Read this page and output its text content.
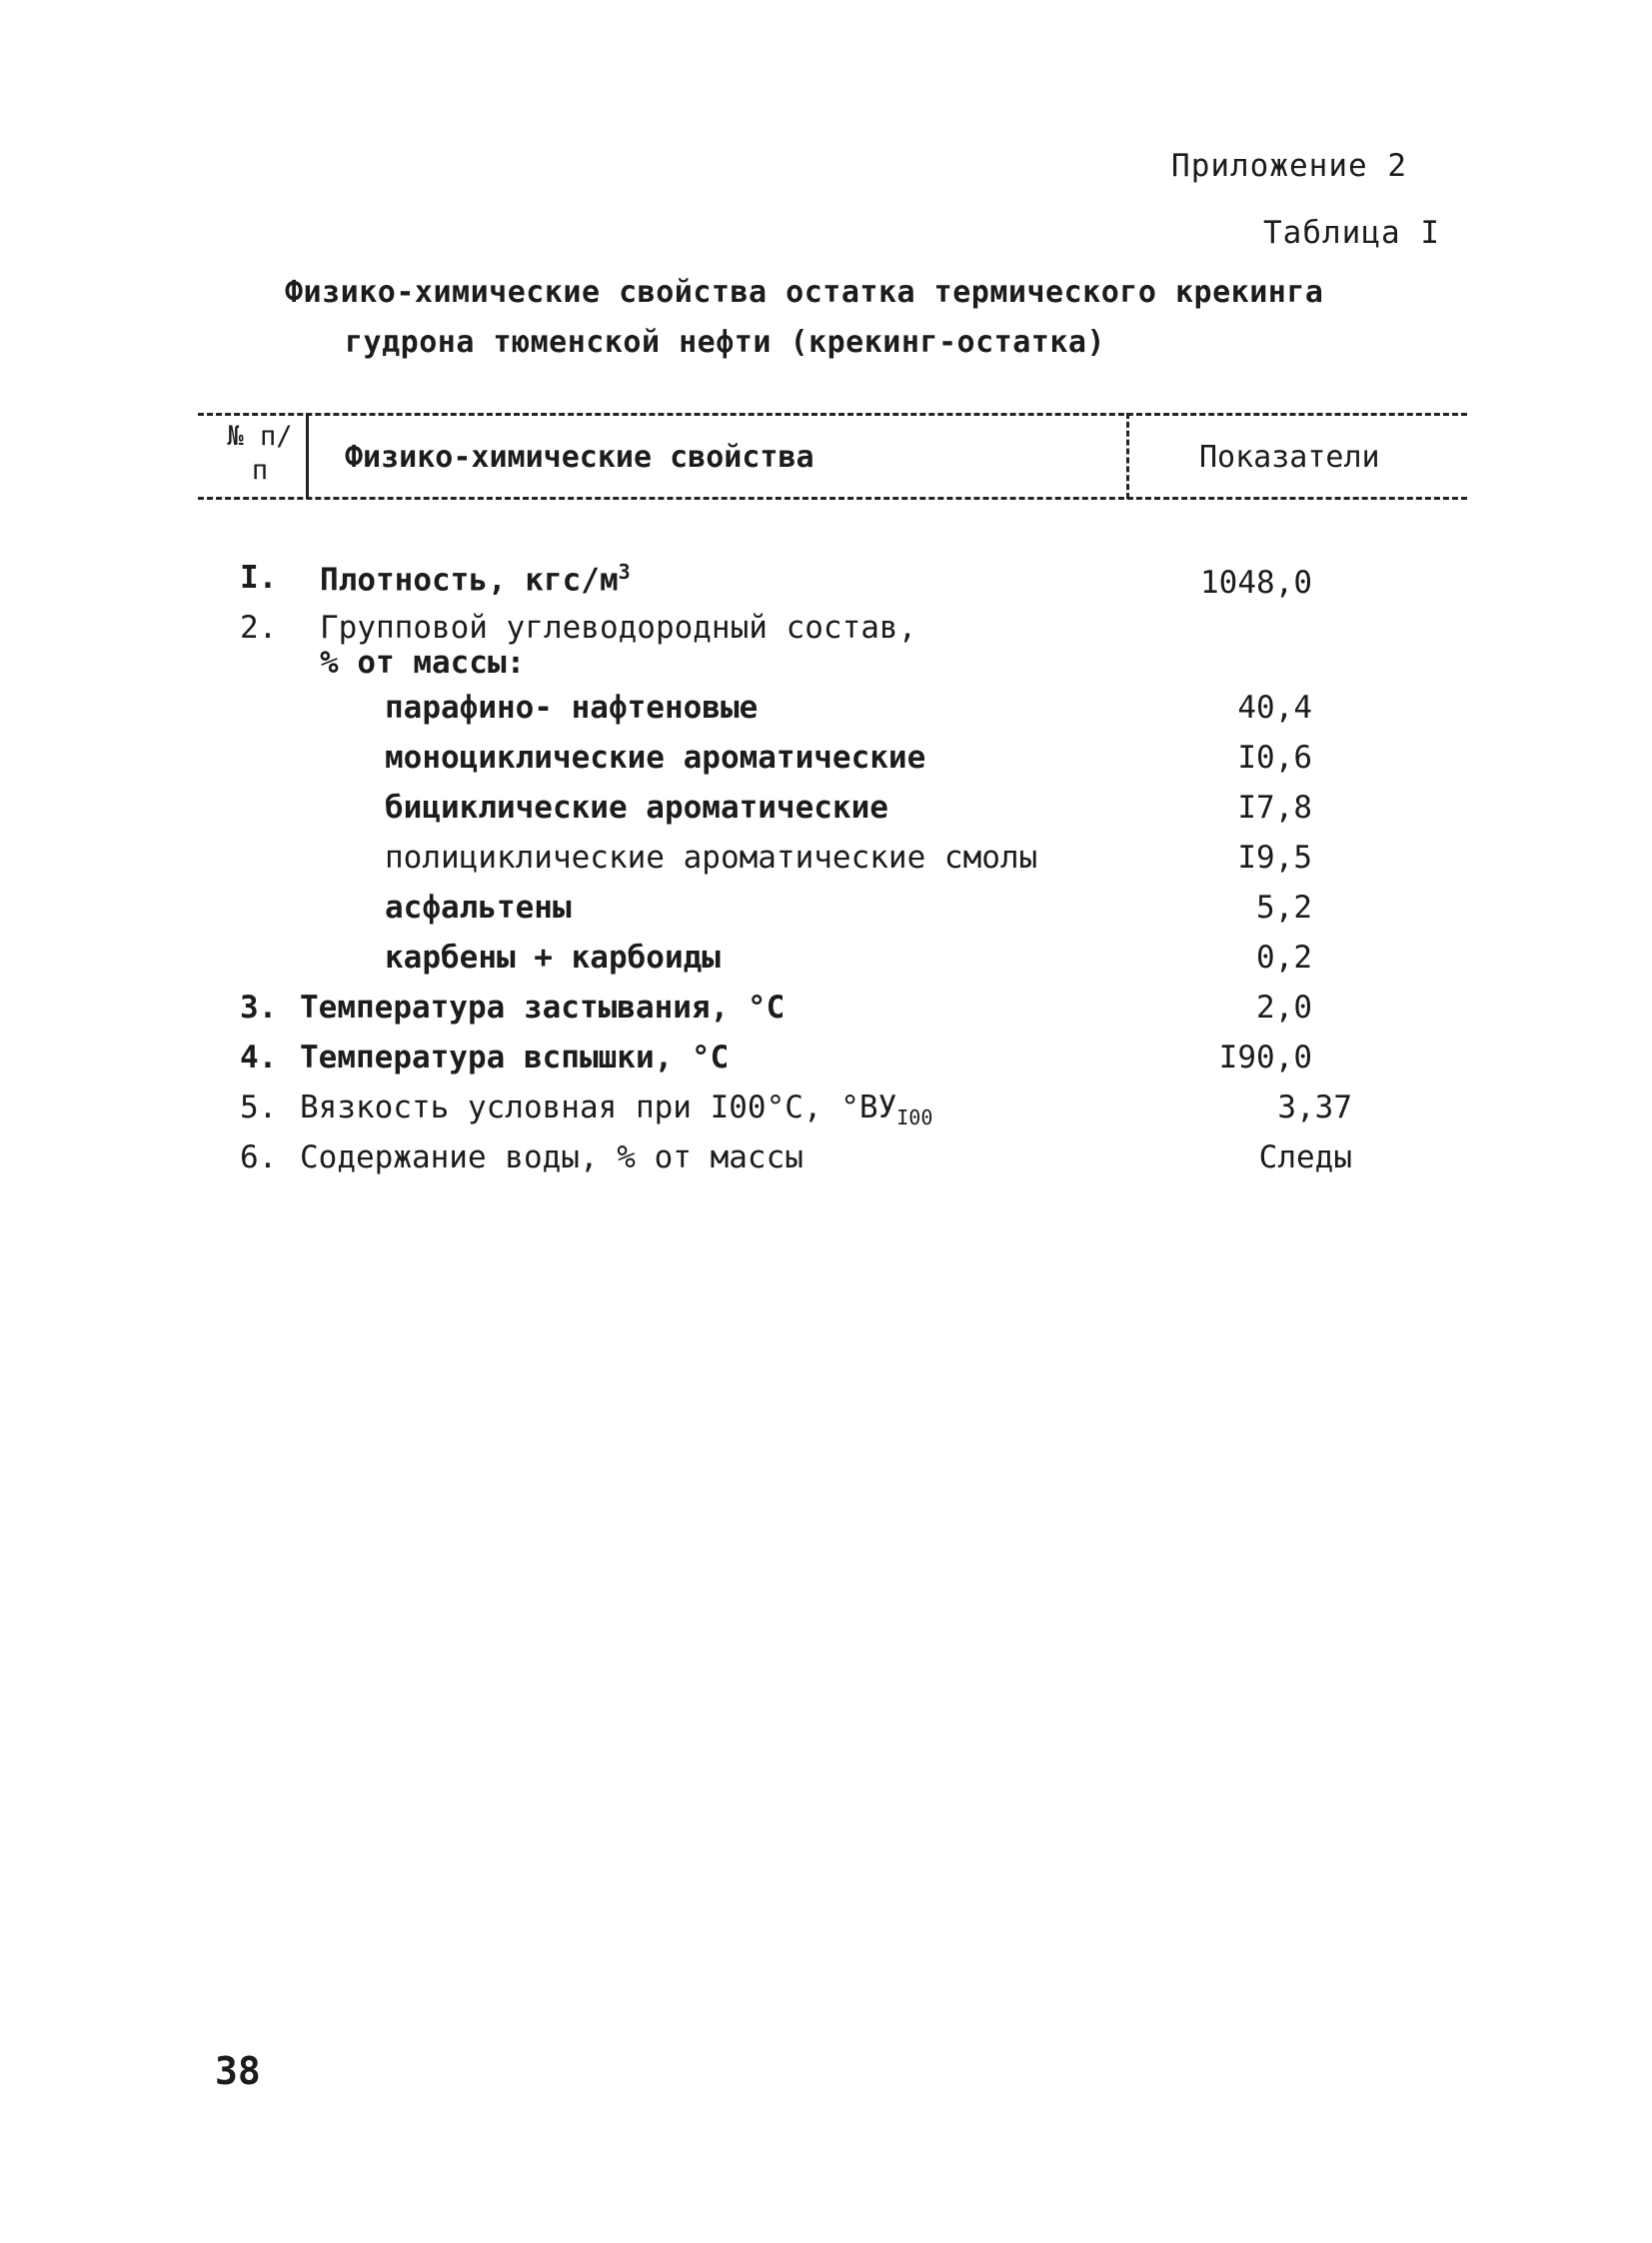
Приложение 2
Таблица I
Физико-химические свойства остатка термического крекинга
гудрона тюменской нефти (крекинг-остатка)
№ п/п	Физико-химические свойства	Показатели
I. Плотность, кгс/$м^3$	1048,0
2. Групповой углеводородный состав,
% от массы:
парафино- нафтеновые	40,4
моноциклические ароматические	I0,6
бициклические ароматические	I7,8
полициклические ароматические смолы	I9,5
асфальтены	5,2
карбены + карбоиды	0,2
3. Температура застывания, °С	2,0
4. Температура вспышки, °С	I90,0
5. Вязкость условная при I00°С, $^\circ ВУ_{I00}$	3,37
6. Содержание воды, % от массы	Следы
38
